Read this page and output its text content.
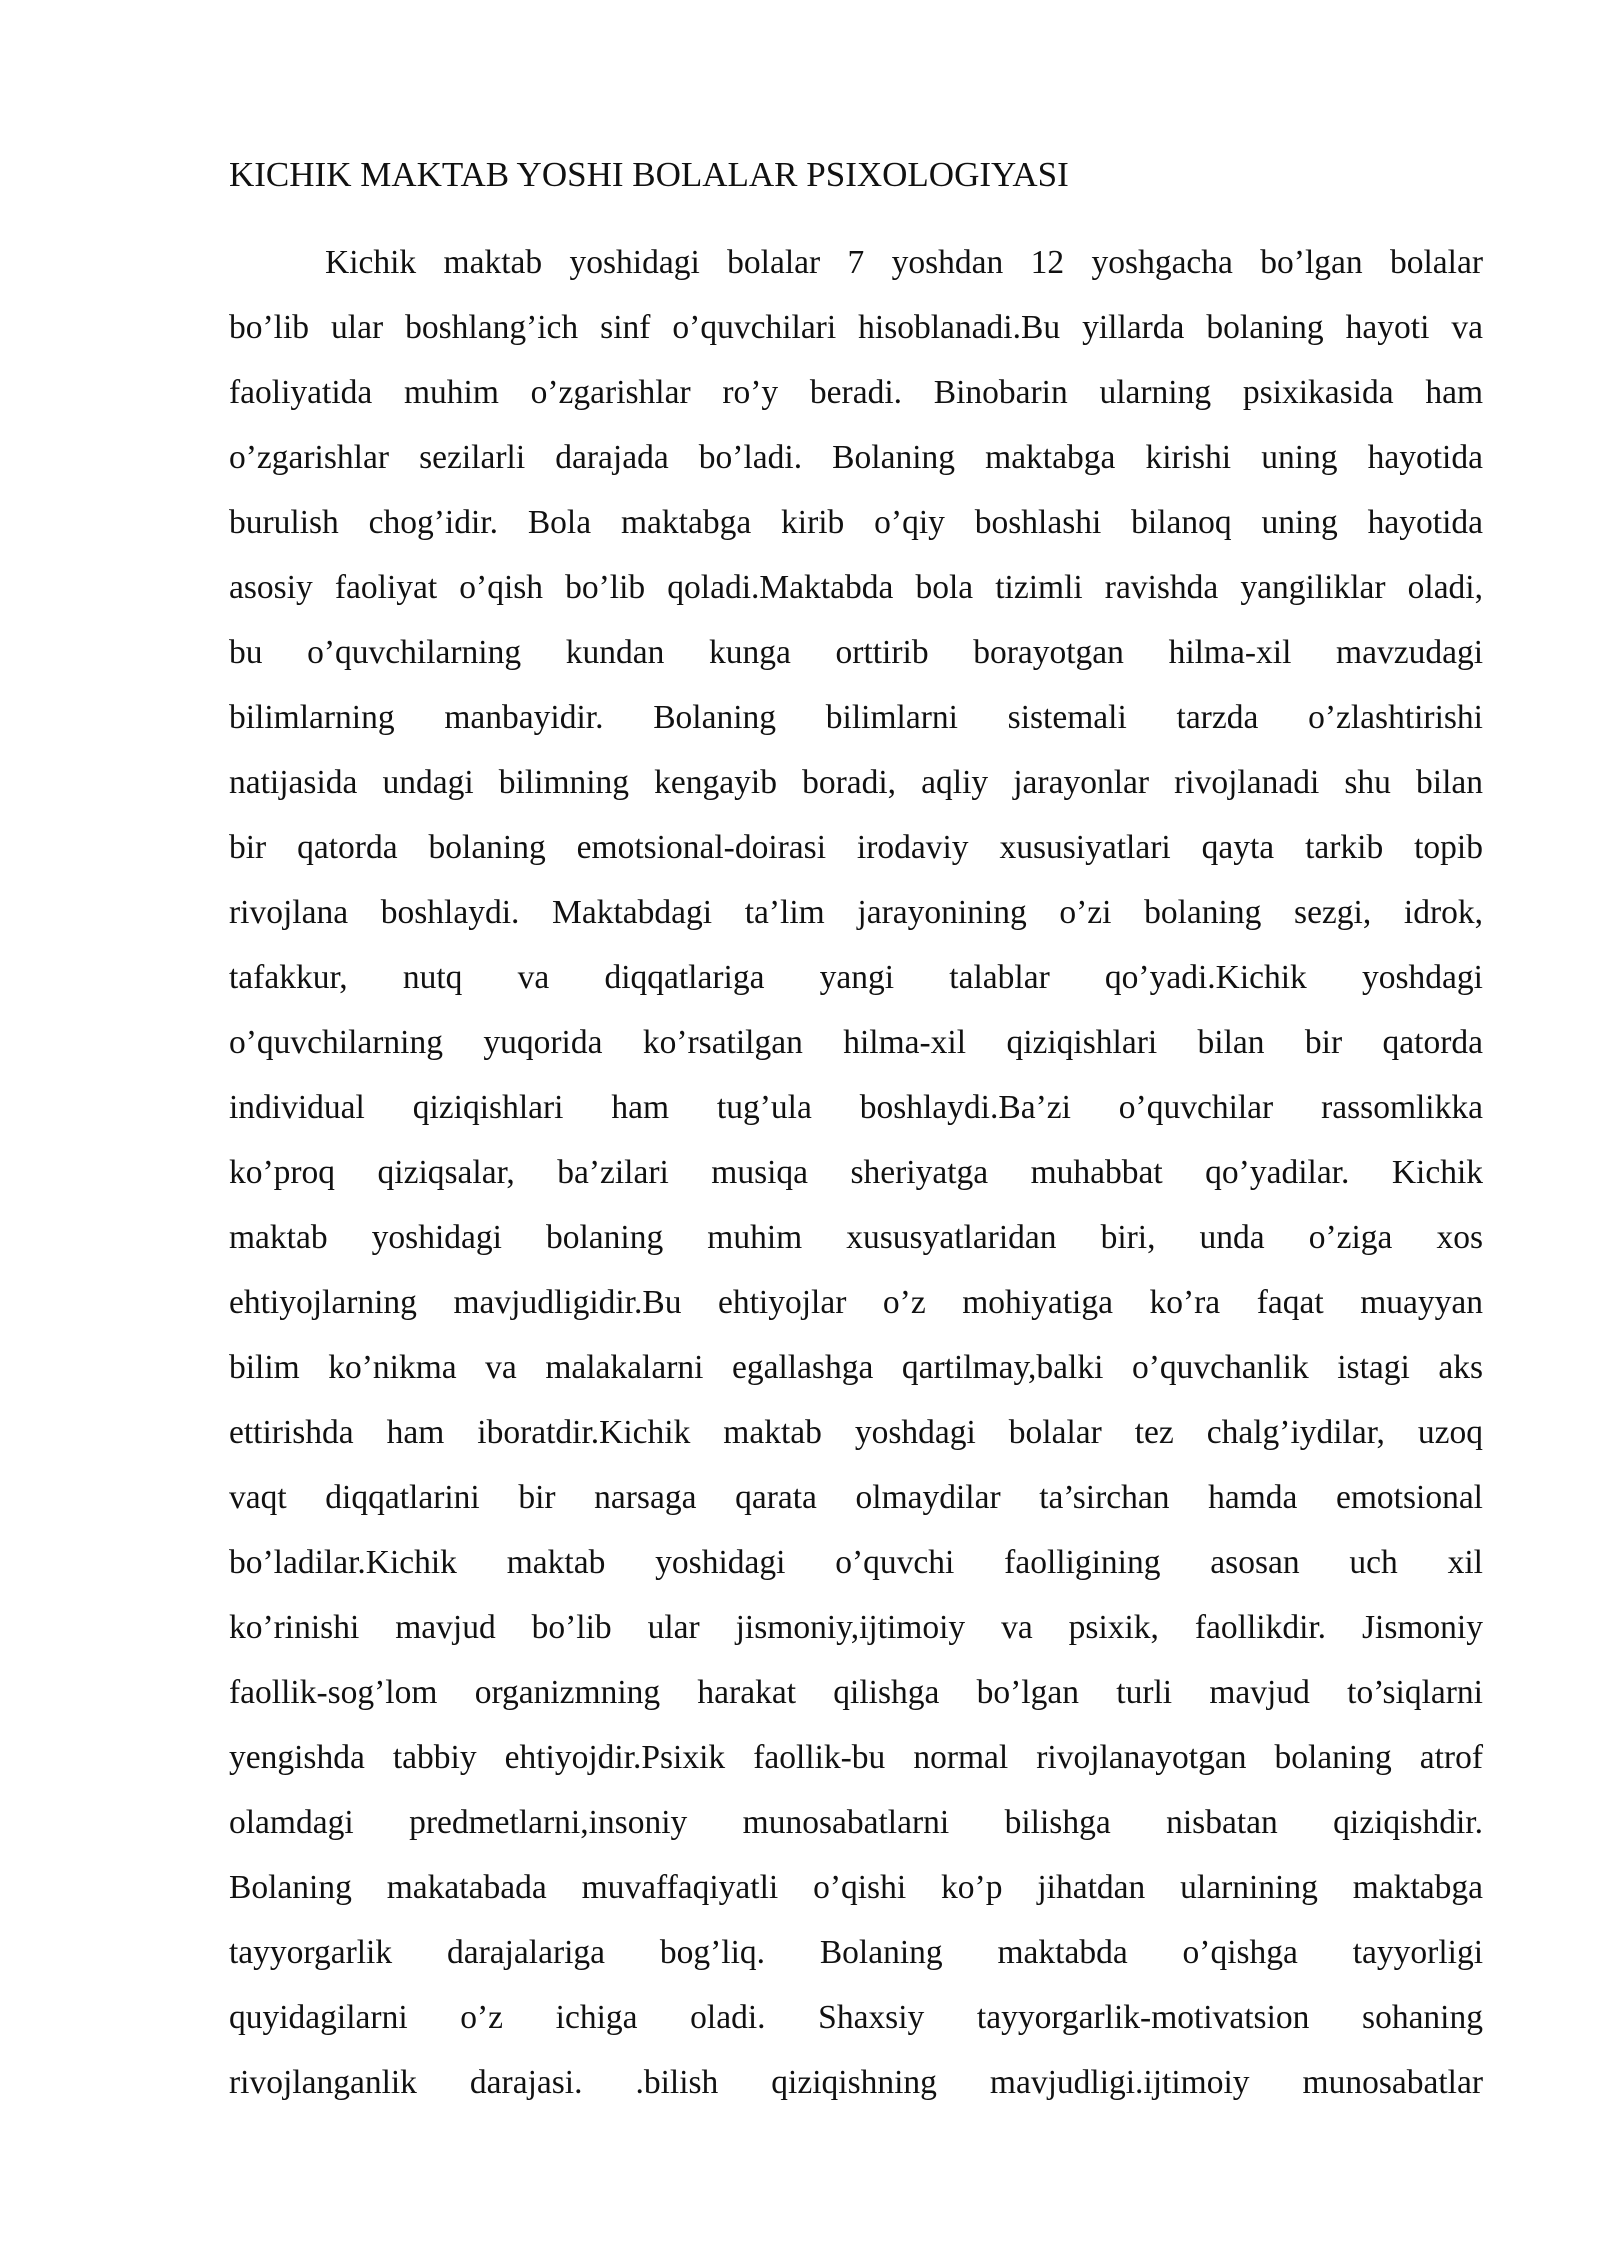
KICHIK MAKTAB YOSHI BOLALAR PSIXOLOGIYASI
Kichik maktab yoshidagi bolalar 7 yoshdan 12 yoshgacha bo’lgan bolalar
bo’lib ular boshlang’ich sinf o’quvchilari hisoblanadi.Bu yillarda bolaning hayoti va
faoliyatida muhim o’zgarishlar ro’y beradi. Binobarin ularning psixikasida ham
o’zgarishlar sezilarli darajada bo’ladi. Bolaning maktabga kirishi uning hayotida
burulish chog’idir. Bola maktabga kirib o’qiy boshlashi bilanoq uning hayotida
asosiy faoliyat o’qish bo’lib qoladi.Maktabda bola tizimli ravishda yangiliklar oladi,
bu o’quvchilarning kundan kunga orttirib borayotgan hilma-xil mavzudagi
bilimlarning manbayidir. Bolaning bilimlarni sistemali tarzda o’zlashtirishi
natijasida undagi bilimning kengayib boradi, aqliy jarayonlar rivojlanadi shu bilan
bir qatorda bolaning emotsional-doirasi irodaviy xususiyatlari qayta tarkib topib
rivojlana boshlaydi. Maktabdagi ta’lim jarayonining o’zi bolaning sezgi, idrok,
tafakkur, nutq va diqqatlariga yangi talablar qo’yadi.Kichik yoshdagi
o’quvchilarning yuqorida ko’rsatilgan hilma-xil qiziqishlari bilan bir qatorda
individual qiziqishlari ham tug’ula boshlaydi.Ba’zi o’quvchilar rassomlikka
ko’proq qiziqsalar, ba’zilari musiqa sheriyatga muhabbat qo’yadilar. Kichik
maktab yoshidagi bolaning muhim xususyatlaridan biri, unda o’ziga xos
ehtiyojlarning mavjudligidir.Bu ehtiyojlar o’z mohiyatiga ko’ra faqat muayyan
bilim ko’nikma va malakalarni egallashga qartilmay,balki o’quvchanlik istagi aks
ettirishda ham iboratdir.Kichik maktab yoshdagi bolalar tez chalg’iydilar, uzoq
vaqt diqqatlarini bir narsaga qarata olmaydilar ta’sirchan hamda emotsional
bo’ladilar.Kichik maktab yoshidagi o’quvchi faolligining asosan uch xil
ko’rinishi mavjud bo’lib ular jismoniy,ijtimoiy va psixik, faollikdir. Jismoniy
faollik-sog’lom organizmning harakat qilishga bo’lgan turli mavjud to’siqlarni
yengishda tabbiy ehtiyojdir.Psixik faollik-bu normal rivojlanayotgan bolaning atrof
olamdagi predmetlarni,insoniy munosabatlarni bilishga nisbatan qiziqishdir.
Bolaning makatabada muvaffaqiyatli o’qishi ko’p jihatdan ularnining maktabga
tayyorgarlik darajalariga bog’liq. Bolaning maktabda o’qishga tayyorligi
quyidagilarni o’z ichiga oladi. Shaxsiy tayyorgarlik-motivatsion sohaning
rivojlanganlik darajasi. .bilish qiziqishning mavjudligi.ijtimoiy munosabatlar
